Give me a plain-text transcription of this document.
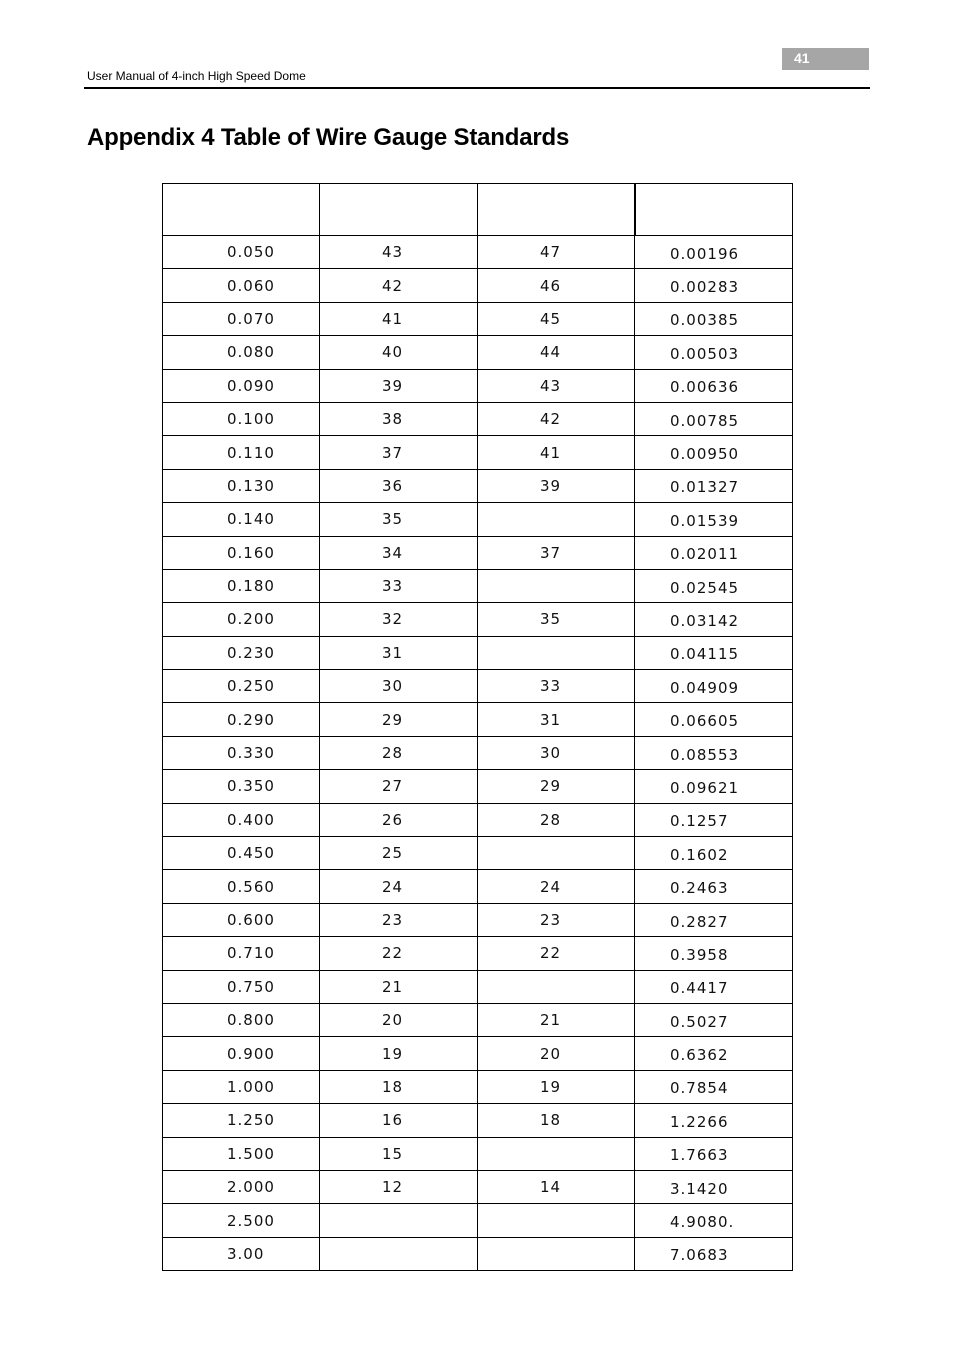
41
User Manual of 4-inch High Speed Dome
Appendix 4 Table of Wire Gauge Standards

0.050	43	47	0.00196
0.060	42	46	0.00283
0.070	41	45	0.00385
0.080	40	44	0.00503
0.090	39	43	0.00636
0.100	38	42	0.00785
0.110	37	41	0.00950
0.130	36	39	0.01327
0.140	35		0.01539
0.160	34	37	0.02011
0.180	33		0.02545
0.200	32	35	0.03142
0.230	31		0.04115
0.250	30	33	0.04909
0.290	29	31	0.06605
0.330	28	30	0.08553
0.350	27	29	0.09621
0.400	26	28	0.1257
0.450	25		0.1602
0.560	24	24	0.2463
0.600	23	23	0.2827
0.710	22	22	0.3958
0.750	21		0.4417
0.800	20	21	0.5027
0.900	19	20	0.6362
1.000	18	19	0.7854
1.250	16	18	1.2266
1.500	15		1.7663
2.000	12	14	3.1420
2.500			4.9080.
3.00			7.0683
